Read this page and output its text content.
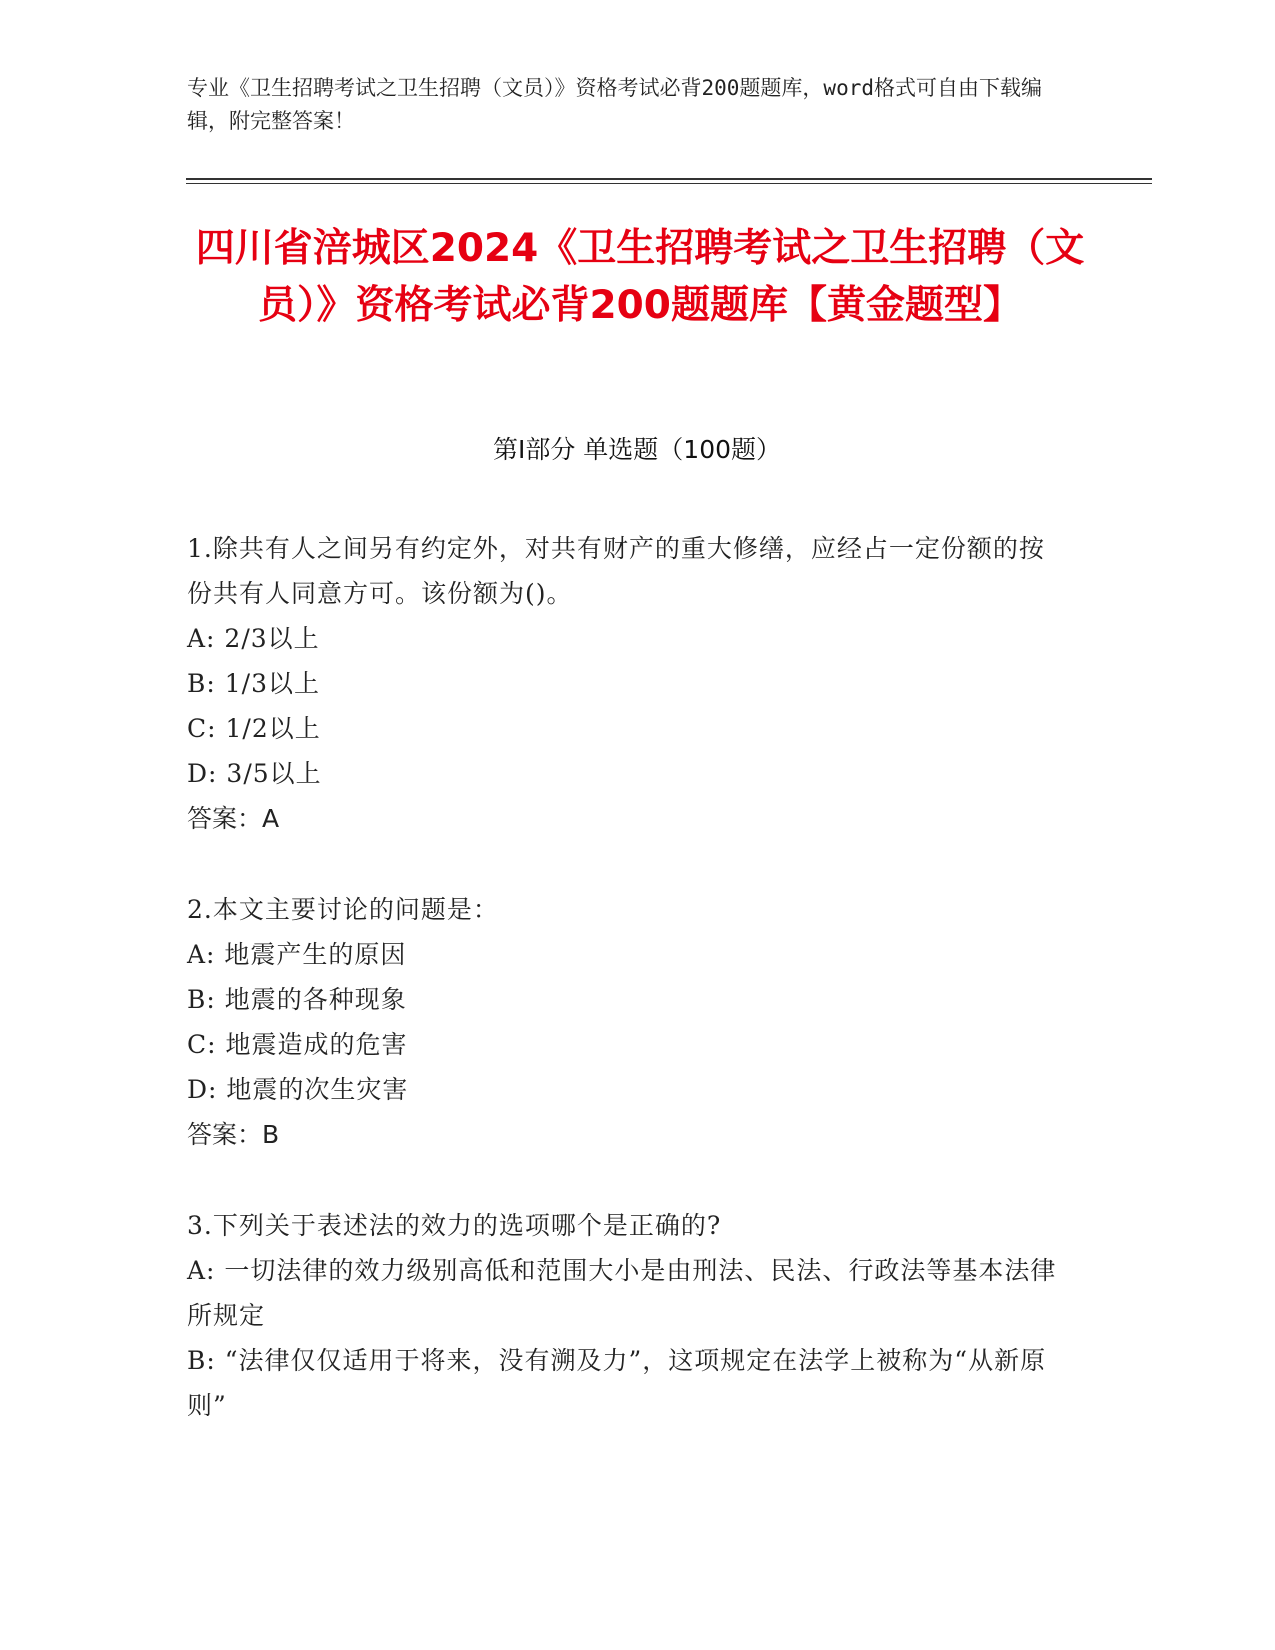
专业《卫生招聘考试之卫生招聘（文员）》资格考试必背200题题库，word格式可自由下载编辑，附完整答案！
四川省涪城区2024《卫生招聘考试之卫生招聘（文员）》资格考试必背200题题库【黄金题型】
第I部分 单选题（100题）

1.除共有人之间另有约定外，对共有财产的重大修缮，应经占一定份额的按份共有人同意方可。该份额为()。

A: 2/3以上

B: 1/3以上

C: 1/2以上

D: 3/5以上

答案：A

2.本文主要讨论的问题是：

A: 地震产生的原因

B: 地震的各种现象

C: 地震造成的危害

D: 地震的次生灾害

答案：B

3.下列关于表述法的效力的选项哪个是正确的?

A: 一切法律的效力级别高低和范围大小是由刑法、民法、行政法等基本法律所规定

B: “法律仅仅适用于将来，没有溯及力”，这项规定在法学上被称为“从新原则”
